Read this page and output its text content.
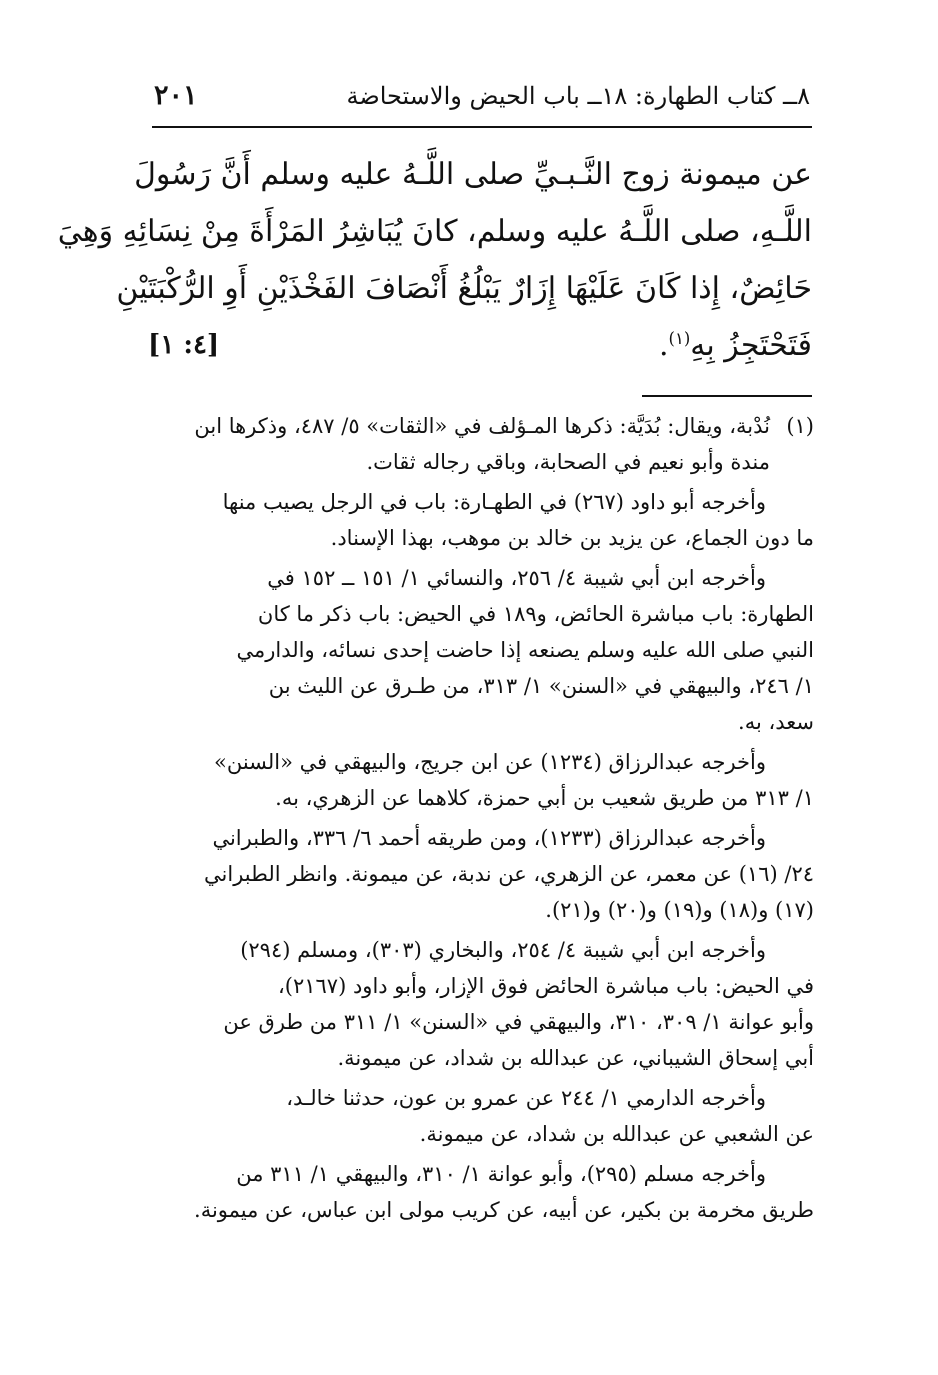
٨ــ كتاب الطهارة: ١٨ــ باب الحيض والاستحاضة
٢٠١
عن ميمونة زوج النَّـبـيِّ صلى اللَّـهُ عليه وسلم أَنَّ رَسُولَ
اللَّـهِ، صلى اللَّـهُ عليه وسلم، كانَ يُبَاشِرُ المَرْأَةَ مِنْ نِسَائِهِ وَهِيَ
حَائِضٌ، إِذا كَانَ عَلَيْهَا إِزَارٌ يَبْلُغُ أَنْصَافَ الفَخْذَيْنِ أَوِ الرُّكْبَتَيْنِ
فَتَحْتَجِزُ بِهِ$^{(١)}$.
[٤: ١]
(١)نُدْبة، ويقال: بُدَيَّة: ذكرها المـؤلف في «الثقات» ٥/ ٤٨٧، وذكرها ابن
مندة وأبو نعيم في الصحابة، وباقي رجاله ثقات.
وأخرجه أبو داود (٢٦٧) في الطهـارة: باب في الرجل يصيب منها
ما دون الجماع، عن يزيد بن خالد بن موهب، بهذا الإسناد.
وأخرجه ابن أبي شيبة ٤/ ٢٥٦، والنسائي ١/ ١٥١ ــ ١٥٢ في
الطهارة: باب مباشرة الحائض، و١٨٩ في الحيض: باب ذكر ما كان
النبي صلى الله عليه وسلم يصنعه إذا حاضت إحدى نسائه، والدارمي
١/ ٢٤٦، والبيهقي في «السنن» ١/ ٣١٣، من طـرق عن الليث بن
سعد، به.
وأخرجه عبدالرزاق (١٢٣٤) عن ابن جريج، والبيهقي في «السنن»
١/ ٣١٣ من طريق شعيب بن أبي حمزة، كلاهما عن الزهري، به.
وأخرجه عبدالرزاق (١٢٣٣)، ومن طريقه أحمد ٦/ ٣٣٦، والطبراني
٢٤/ (١٦) عن معمر، عن الزهري، عن ندبة، عن ميمونة. وانظر الطبراني
(١٧) و(١٨) و(١٩) و(٢٠) و(٢١).
وأخرجه ابن أبي شيبة ٤/ ٢٥٤، والبخاري (٣٠٣)، ومسلم (٢٩٤)
في الحيض: باب مباشرة الحائض فوق الإزار، وأبو داود (٢١٦٧)،
وأبو عوانة ١/ ٣٠٩، ٣١٠، والبيهقي في «السنن» ١/ ٣١١ من طرق عن
أبي إسحاق الشيباني، عن عبدالله بن شداد، عن ميمونة.
وأخرجه الدارمي ١/ ٢٤٤ عن عمرو بن عون، حدثنا خالـد،
عن الشعبي عن عبدالله بن شداد، عن ميمونة.
وأخرجه مسلم (٢٩٥)، وأبو عوانة ١/ ٣١٠، والبيهقي ١/ ٣١١ من
طريق مخرمة بن بكير، عن أبيه، عن كريب مولى ابن عباس، عن ميمونة.
